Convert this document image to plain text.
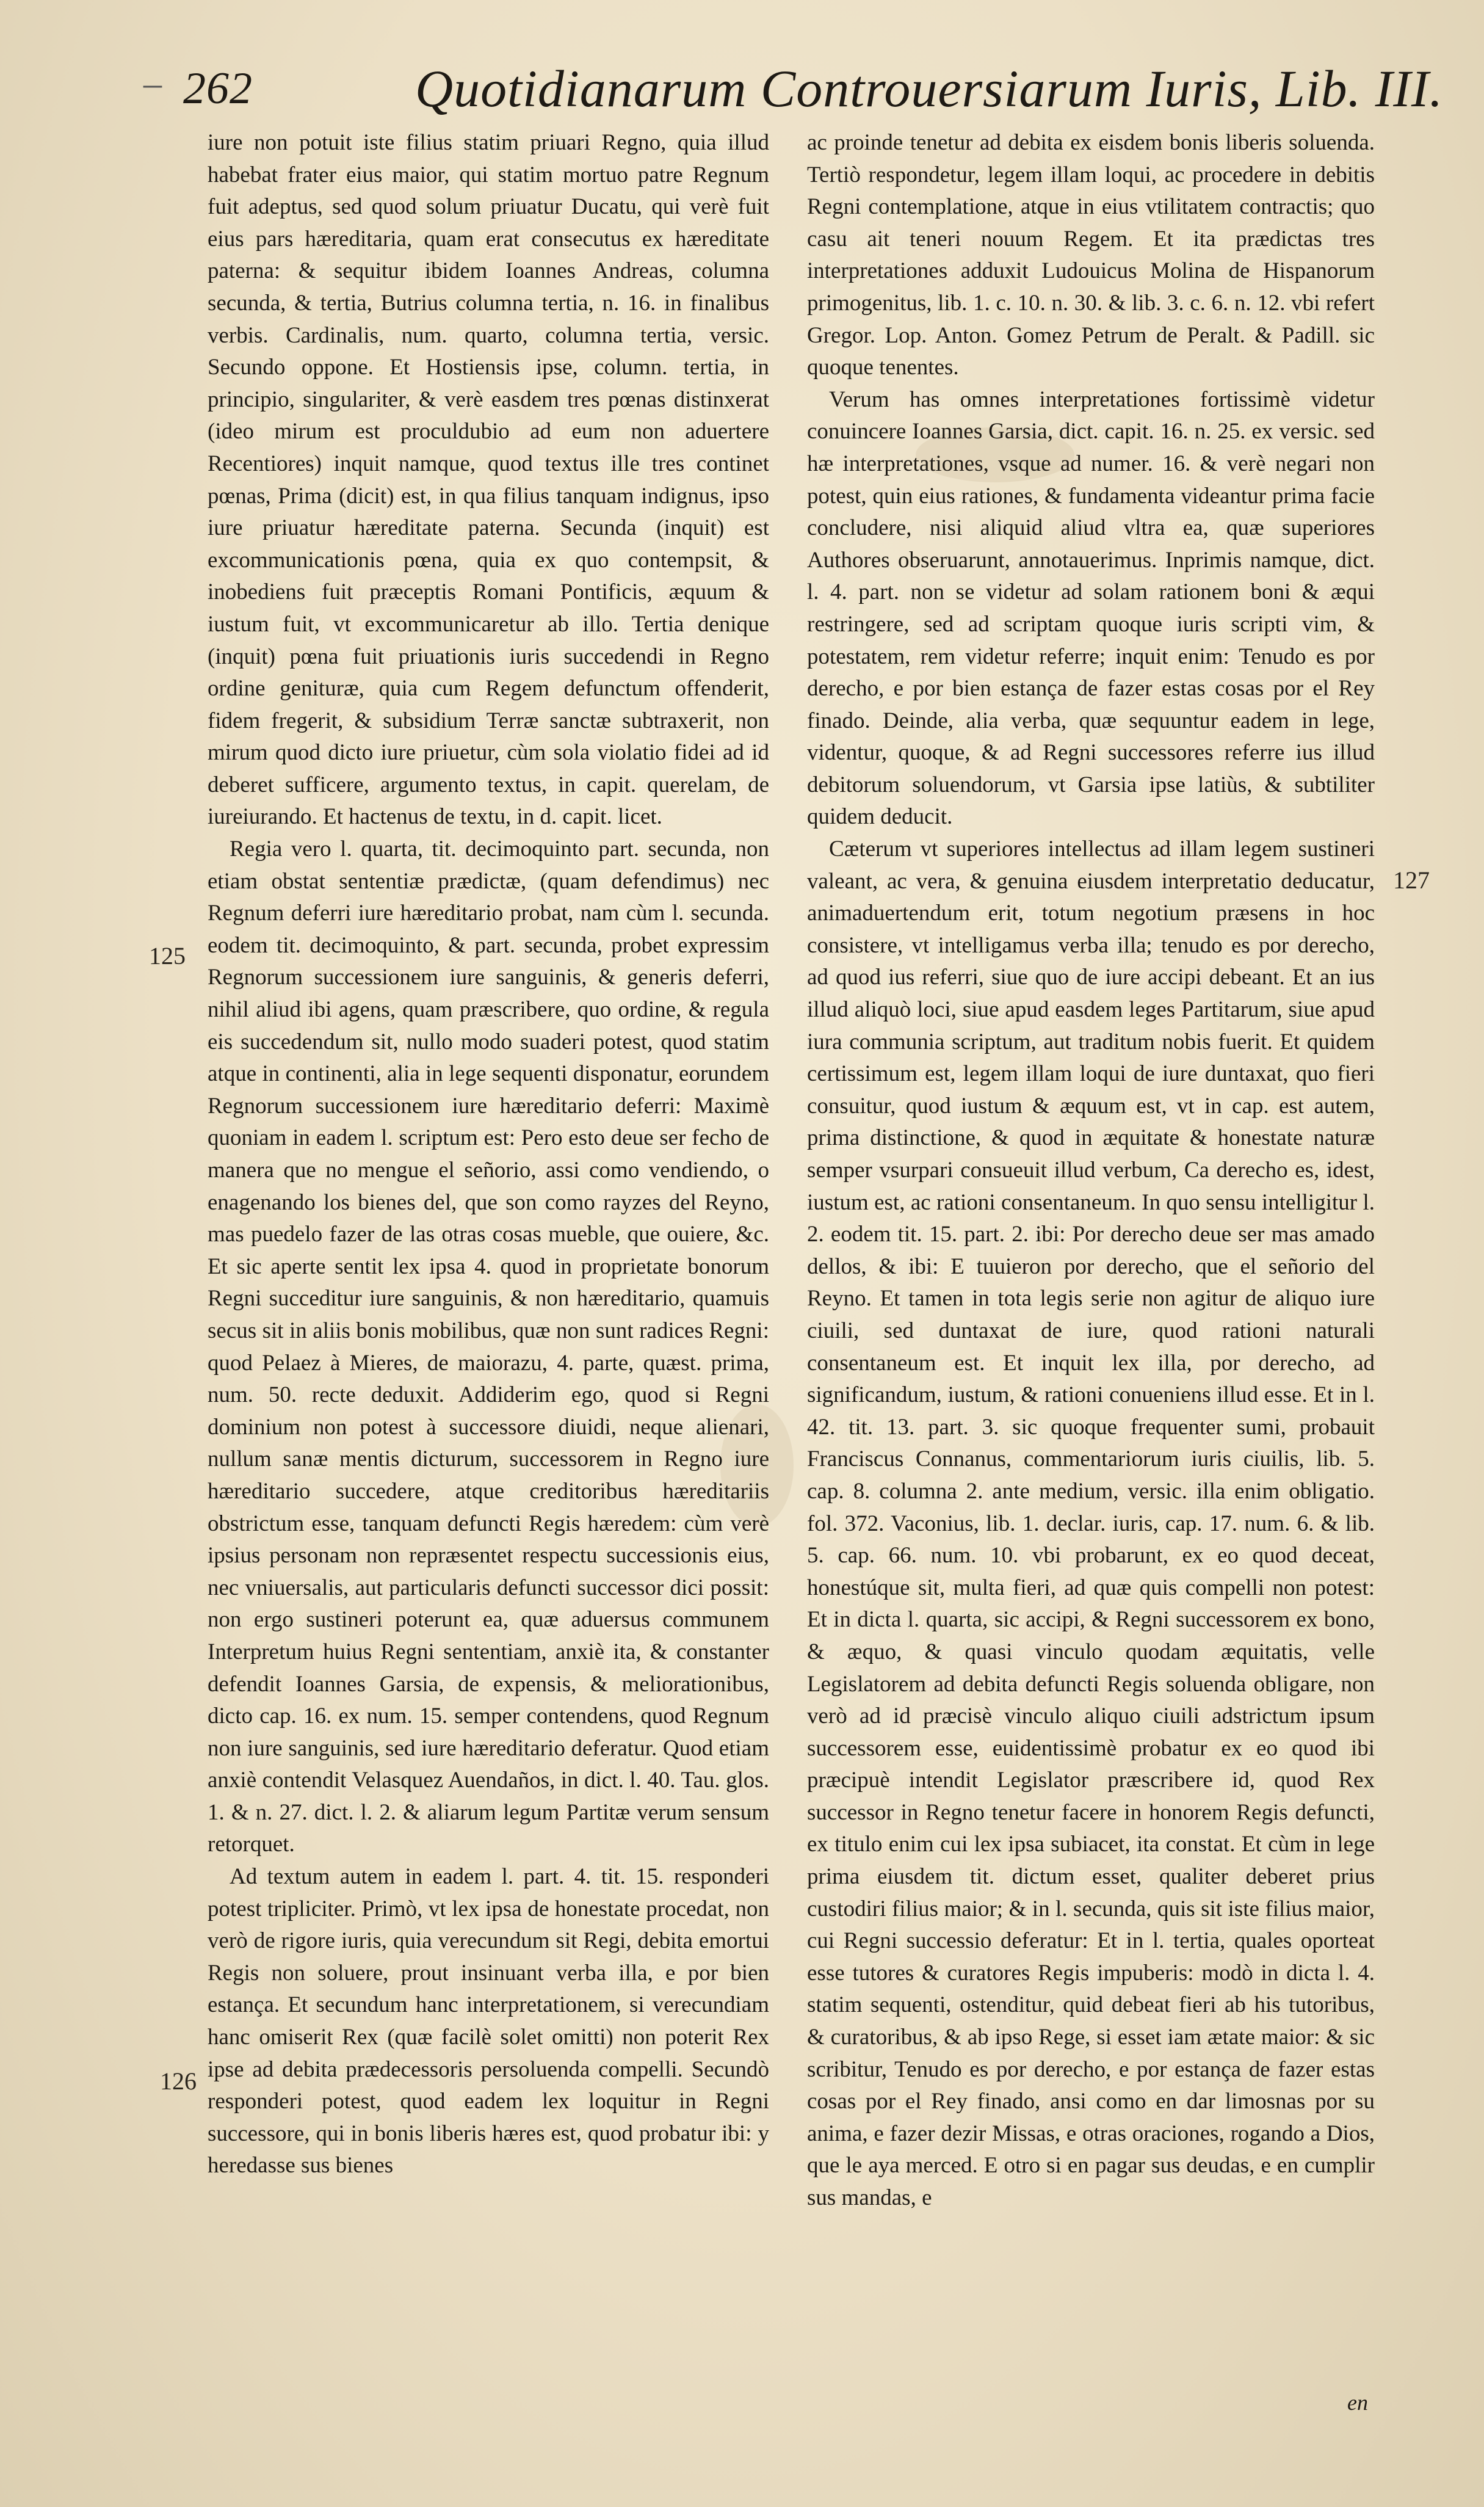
– 262	Quotidianarum Controuersiarum Iuris, Lib. III.
125
126
127

iure non potuit iste filius statim priuari Regno, quia illud habebat frater eius maior, qui statim mortuo patre Regnum fuit adeptus, sed quod solum priuatur Ducatu, qui verè fuit eius pars hæreditaria, quam erat consecutus ex hæreditate paterna: & sequitur ibidem Ioannes Andreas, columna secunda, & tertia, Butrius columna tertia, n. 16. in finalibus verbis. Cardinalis, num. quarto, columna tertia, versic. Secundo oppone. Et Hostiensis ipse, column. tertia, in principio, singulariter, & verè easdem tres pœnas distinxerat (ideo mirum est proculdubio ad eum non aduertere Recentiores) inquit namque, quod textus ille tres continet pœnas, Prima (dicit) est, in qua filius tanquam indignus, ipso iure priuatur hæreditate paterna. Secunda (inquit) est excommunicationis pœna, quia ex quo contempsit, & inobediens fuit præceptis Romani Pontificis, æquum & iustum fuit, vt excommunicaretur ab illo. Tertia denique (inquit) pœna fuit priuationis iuris succedendi in Regno ordine genituræ, quia cum Regem defunctum offenderit, fidem fregerit, & subsidium Terræ sanctæ subtraxerit, non mirum quod dicto iure priuetur, cùm sola violatio fidei ad id deberet sufficere, argumento textus, in capit. querelam, de iureiurando. Et hactenus de textu, in d. capit. licet.

Regia vero l. quarta, tit. decimoquinto part. secunda, non etiam obstat sententiæ prædictæ, (quam defendimus) nec Regnum deferri iure hæreditario probat, nam cùm l. secunda. eodem tit. decimoquinto, & part. secunda, probet expressim Regnorum successionem iure sanguinis, & generis deferri, nihil aliud ibi agens, quam præscribere, quo ordine, & regula eis succedendum sit, nullo modo suaderi potest, quod statim atque in continenti, alia in lege sequenti disponatur, eorundem Regnorum successionem iure hæreditario deferri: Maximè quoniam in eadem l. scriptum est: Pero esto deue ser fecho de manera que no mengue el señorio, assi como vendiendo, o enagenando los bienes del, que son como rayzes del Reyno, mas puedelo fazer de las otras cosas mueble, que ouiere, &c. Et sic aperte sentit lex ipsa 4. quod in proprietate bonorum Regni succeditur iure sanguinis, & non hæreditario, quamuis secus sit in aliis bonis mobilibus, quæ non sunt radices Regni: quod Pelaez à Mieres, de maiorazu, 4. parte, quæst. prima, num. 50. recte deduxit. Addiderim ego, quod si Regni dominium non potest à successore diuidi, neque alienari, nullum sanæ mentis dicturum, successorem in Regno iure hæreditario succedere, atque creditoribus hæreditariis obstrictum esse, tanquam defuncti Regis hæredem: cùm verè ipsius personam non repræsentet respectu successionis eius, nec vniuersalis, aut particularis defuncti successor dici possit: non ergo sustineri poterunt ea, quæ aduersus communem Interpretum huius Regni sententiam, anxiè ita, & constanter defendit Ioannes Garsia, de expensis, & meliorationibus, dicto cap. 16. ex num. 15. semper contendens, quod Regnum non iure sanguinis, sed iure hæreditario deferatur. Quod etiam anxiè contendit Velasquez Auendaños, in dict. l. 40. Tau. glos. 1. & n. 27. dict. l. 2. & aliarum legum Partitæ verum sensum retorquet.

Ad textum autem in eadem l. part. 4. tit. 15. responderi potest tripliciter. Primò, vt lex ipsa de honestate procedat, non verò de rigore iuris, quia verecundum sit Regi, debita emortui Regis non soluere, prout insinuant verba illa, e por bien estança. Et secundum hanc interpretationem, si verecundiam hanc omiserit Rex (quæ facilè solet omitti) non poterit Rex ipse ad debita prædecessoris persoluenda compelli. Secundò responderi potest, quod eadem lex loquitur in Regni successore, qui in bonis liberis hæres est, quod probatur ibi: y heredasse sus bienes

ac proinde tenetur ad debita ex eisdem bonis liberis soluenda. Tertiò respondetur, legem illam loqui, ac procedere in debitis Regni contemplatione, atque in eius vtilitatem contractis; quo casu ait teneri nouum Regem. Et ita prædictas tres interpretationes adduxit Ludouicus Molina de Hispanorum primogenitus, lib. 1. c. 10. n. 30. & lib. 3. c. 6. n. 12. vbi refert Gregor. Lop. Anton. Gomez Petrum de Peralt. & Padill. sic quoque tenentes.

Verum has omnes interpretationes fortissimè videtur conuincere Ioannes Garsia, dict. capit. 16. n. 25. ex versic. sed hæ interpretationes, vsque ad numer. 16. & verè negari non potest, quin eius rationes, & fundamenta videantur prima facie concludere, nisi aliquid aliud vltra ea, quæ superiores Authores obseruarunt, annotauerimus. Inprimis namque, dict. l. 4. part. non se videtur ad solam rationem boni & æqui restringere, sed ad scriptam quoque iuris scripti vim, & potestatem, rem videtur referre; inquit enim: Tenudo es por derecho, e por bien estança de fazer estas cosas por el Rey finado. Deinde, alia verba, quæ sequuntur eadem in lege, videntur, quoque, & ad Regni successores referre ius illud debitorum soluendorum, vt Garsia ipse latiùs, & subtiliter quidem deducit.

Cæterum vt superiores intellectus ad illam legem sustineri valeant, ac vera, & genuina eiusdem interpretatio deducatur, animaduertendum erit, totum negotium præsens in hoc consistere, vt intelligamus verba illa; tenudo es por derecho, ad quod ius referri, siue quo de iure accipi debeant. Et an ius illud aliquò loci, siue apud easdem leges Partitarum, siue apud iura communia scriptum, aut traditum nobis fuerit. Et quidem certissimum est, legem illam loqui de iure duntaxat, quo fieri consuitur, quod iustum & æquum est, vt in cap. est autem, prima distinctione, & quod in æquitate & honestate naturæ semper vsurpari consueuit illud verbum, Ca derecho es, idest, iustum est, ac rationi consentaneum. In quo sensu intelligitur l. 2. eodem tit. 15. part. 2. ibi: Por derecho deue ser mas amado dellos, & ibi: E tuuieron por derecho, que el señorio del Reyno. Et tamen in tota legis serie non agitur de aliquo iure ciuili, sed duntaxat de iure, quod rationi naturali consentaneum est. Et inquit lex illa, por derecho, ad significandum, iustum, & rationi conueniens illud esse. Et in l. 42. tit. 13. part. 3. sic quoque frequenter sumi, probauit Franciscus Connanus, commentariorum iuris ciuilis, lib. 5. cap. 8. columna 2. ante medium, versic. illa enim obligatio. fol. 372. Vaconius, lib. 1. declar. iuris, cap. 17. num. 6. & lib. 5. cap. 66. num. 10. vbi probarunt, ex eo quod deceat, honestúque sit, multa fieri, ad quæ quis compelli non potest: Et in dicta l. quarta, sic accipi, & Regni successorem ex bono, & æquo, & quasi vinculo quodam æquitatis, velle Legislatorem ad debita defuncti Regis soluenda obligare, non verò ad id præcisè vinculo aliquo ciuili adstrictum ipsum successorem esse, euidentissimè probatur ex eo quod ibi præcipuè intendit Legislator præscribere id, quod Rex successor in Regno tenetur facere in honorem Regis defuncti, ex titulo enim cui lex ipsa subiacet, ita constat. Et cùm in lege prima eiusdem tit. dictum esset, qualiter deberet prius custodiri filius maior; & in l. secunda, quis sit iste filius maior, cui Regni successio deferatur: Et in l. tertia, quales oporteat esse tutores & curatores Regis impuberis: modò in dicta l. 4. statim sequenti, ostenditur, quid debeat fieri ab his tutoribus, & curatoribus, & ab ipso Rege, si esset iam ætate maior: & sic scribitur, Tenudo es por derecho, e por estança de fazer estas cosas por el Rey finado, ansi como en dar limosnas por su anima, e fazer dezir Missas, e otras oraciones, rogando a Dios, que le aya merced. E otro si en pagar sus deudas, e en cumplir sus mandas, e

en
